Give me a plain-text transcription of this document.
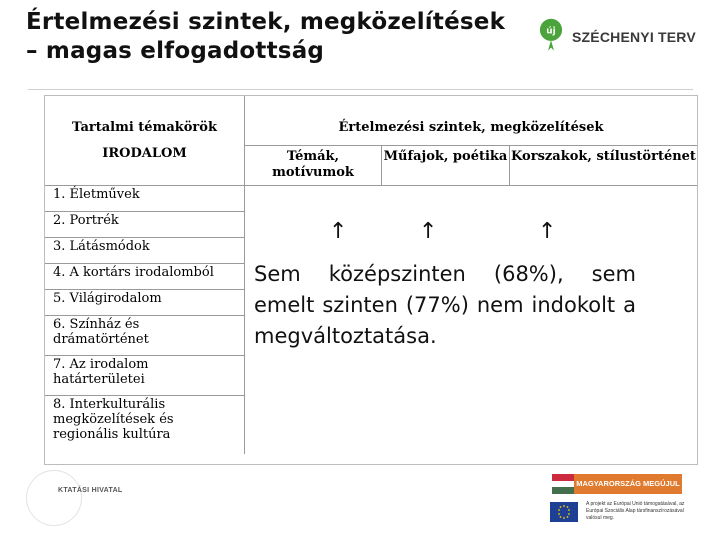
Értelmezési szintek, megközelítések
– magas elfogadottság
új SZÉCHENYI TERV
Tartalmi témakörök
IRODALOM
Értelmezési szintek, megközelítések
Témák, motívumok
Műfajok, poétika Korszakok, stílustörténet
1. Életművek
2. Portrék
3. Látásmódok
4. A kortárs irodalomból
5. Világirodalom
6. Színház és drámatörténet
7. Az irodalom határterületei
8. Interkulturális megközelítések és regionális kultúra
↑	↑	↑
Sem középszinten (68%), sem emelt szinten (77%) nem indokolt a megváltoztatása.
KTATÁSI HIVATAL
MAGYARORSZÁG MEGÚJUL
A projekt az Európai Unió támogatásával, az Európai Szociális Alap társfinanszírozásával valósul meg.
